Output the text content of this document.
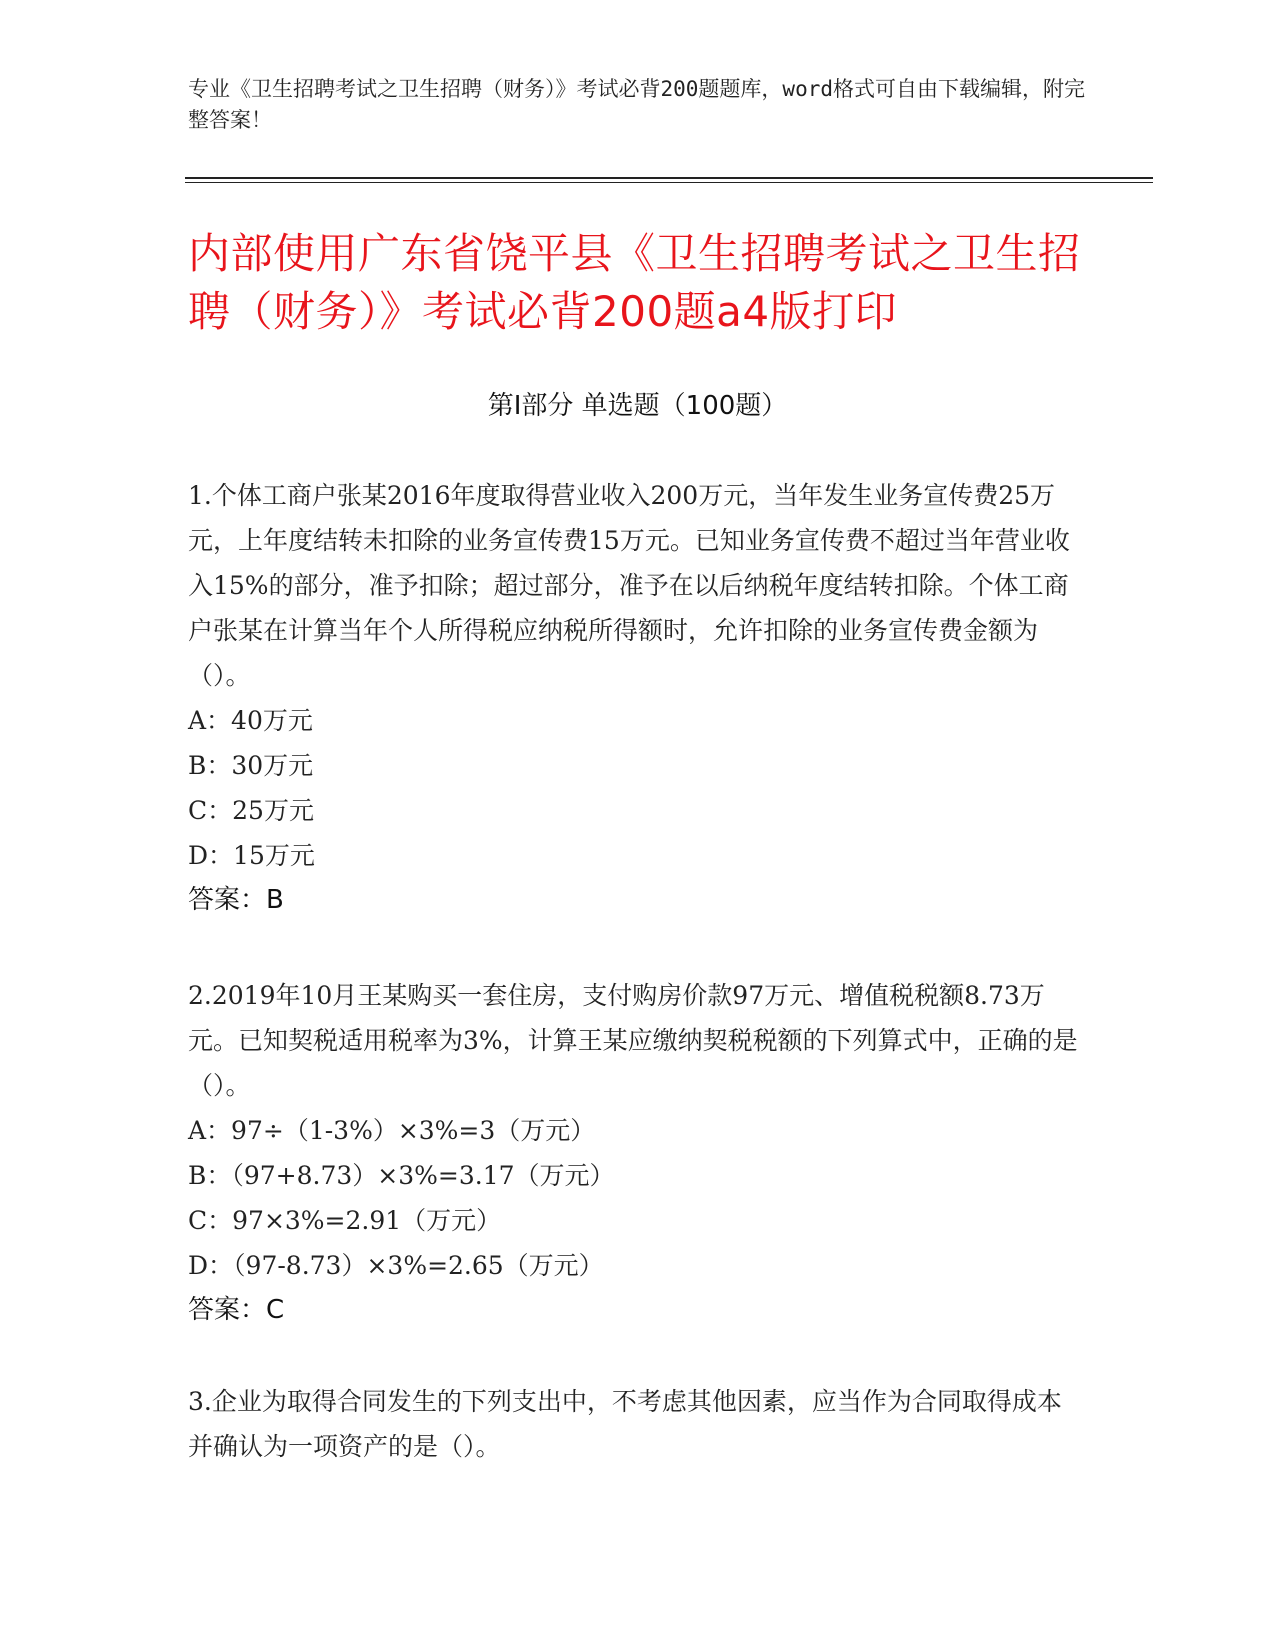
专业《卫生招聘考试之卫生招聘（财务）》考试必背200题题库，word格式可自由下载编辑，附完整答案！
内部使用广东省饶平县《卫生招聘考试之卫生招聘（财务）》考试必背200题a4版打印
第I部分 单选题（100题）

1.个体工商户张某2016年度取得营业收入200万元，当年发生业务宣传费25万元，上年度结转未扣除的业务宣传费15万元。已知业务宣传费不超过当年营业收入15%的部分，准予扣除；超过部分，准予在以后纳税年度结转扣除。个体工商户张某在计算当年个人所得税应纳税所得额时，允许扣除的业务宣传费金额为（）。

A：40万元

B：30万元

C：25万元

D：15万元

答案：B

2.2019年10月王某购买一套住房，支付购房价款97万元、增值税税额8.73万元。已知契税适用税率为3%，计算王某应缴纳契税税额的下列算式中，正确的是（）。

A：97÷（1-3%）×3%=3（万元）

B：（97+8.73）×3%=3.17（万元）

C：97×3%=2.91（万元）

D：（97-8.73）×3%=2.65（万元）

答案：C

3.企业为取得合同发生的下列支出中，不考虑其他因素，应当作为合同取得成本并确认为一项资产的是（）。
